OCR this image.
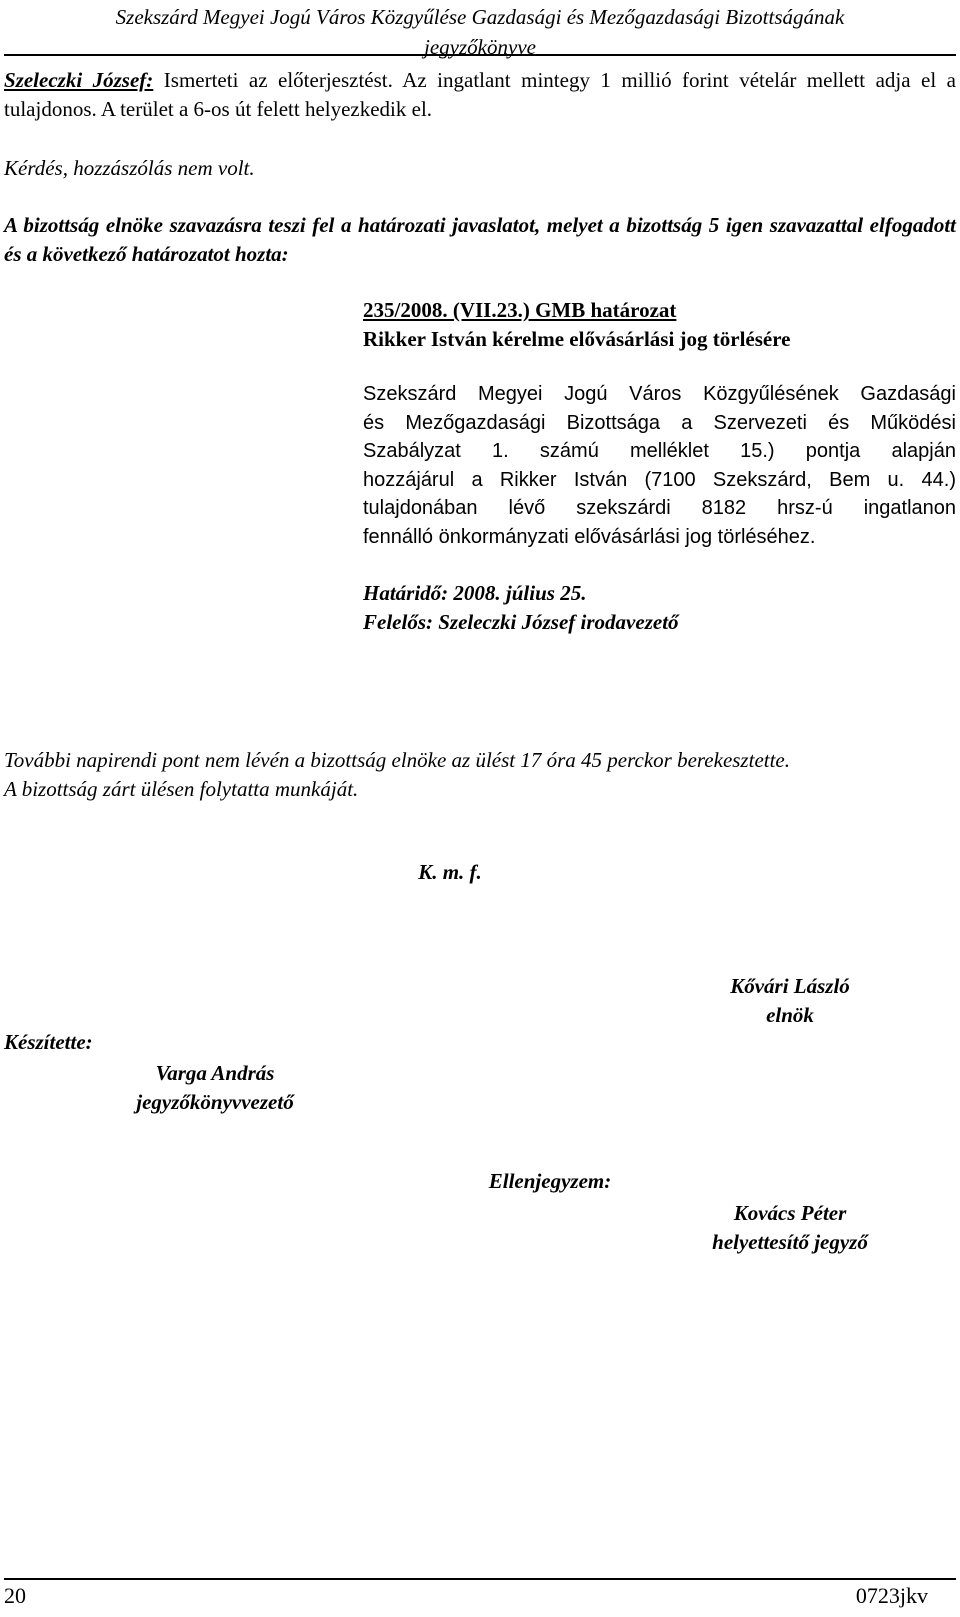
Szekszárd Megyei Jogú Város Közgyűlése Gazdasági és Mezőgazdasági Bizottságának
jegyzőkönyve
Szeleczki József: Ismerteti az előterjesztést. Az ingatlant mintegy 1 millió forint vételár mellett adja el a tulajdonos. A terület a 6-os út felett helyezkedik el.
Kérdés, hozzászólás nem volt.
A bizottság elnöke szavazásra teszi fel a határozati javaslatot, melyet a bizottság 5 igen szavazattal elfogadott és a következő határozatot hozta:
235/2008. (VII.23.) GMB határozat
Rikker István kérelme elővásárlási jog törlésére
Szekszárd Megyei Jogú Város Közgyűlésének Gazdasági
és Mezőgazdasági Bizottsága a Szervezeti és Működési
Szabályzat 1. számú melléklet 15.) pontja alapján
hozzájárul a Rikker István (7100 Szekszárd, Bem u. 44.)
tulajdonában lévő szekszárdi 8182 hrsz-ú ingatlanon
fennálló önkormányzati elővásárlási jog törléséhez.
Határidő: 2008. július 25.
Felelős: Szeleczki József irodavezető
További napirendi pont nem lévén a bizottság elnöke az ülést 17 óra 45 perckor berekesztette.
A bizottság zárt ülésen folytatta munkáját.
K. m. f.
Kővári László
elnök
Készítette:
Varga András
jegyzőkönyvvezető
Ellenjegyzem:
Kovács Péter
helyettesítő jegyző
20	0723jkv
